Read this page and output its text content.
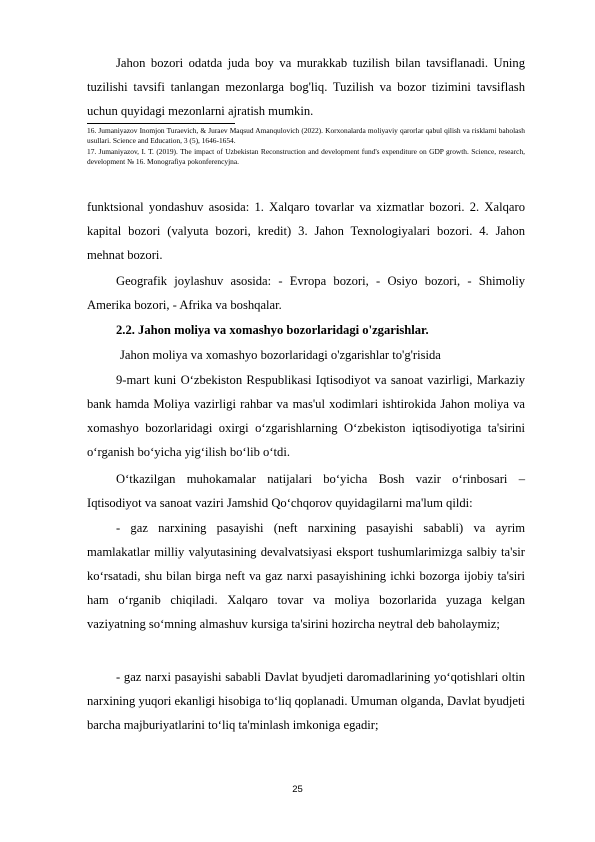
Jahon bozori odatda juda boy va murakkab tuzilish bilan tavsiflanadi. Uning tuzilishi tavsifi tanlangan mezonlarga bog'liq. Tuzilish va bozor tizimini tavsiflash uchun quyidagi mezonlarni ajratish mumkin.
16. Jumaniyazov Inomjon Turaevich, & Juraev Maqsud Amanqulovich (2022). Korxonalarda moliyaviy qarorlar qabul qilish va risklarni baholash usullari. Science and Education, 3 (5), 1646-1654.
17. Jumaniyazov, I. T. (2019). The impact of Uzbekistan Reconstruction and development fund's expenditure on GDP growth. Science, research, development № 16. Monografiya pokonferencyjna.
funktsional yondashuv asosida: 1. Xalqaro tovarlar va xizmatlar bozori. 2. Xalqaro kapital bozori (valyuta bozori, kredit) 3. Jahon Texnologiyalari bozori. 4. Jahon mehnat bozori.
Geografik joylashuv asosida: - Evropa bozori, - Osiyo bozori, - Shimoliy Amerika bozori, - Afrika va boshqalar.
2.2. Jahon moliya va xomashyo bozorlaridagi o'zgarishlar.
Jahon moliya va xomashyo bozorlaridagi o'zgarishlar to'g'risida
9-mart kuni O‘zbekiston Respublikasi Iqtisodiyot va sanoat vazirligi, Markaziy bank hamda Moliya vazirligi rahbar va mas'ul xodimlari ishtirokida Jahon moliya va xomashyo bozorlaridagi oxirgi o‘zgarishlarning O‘zbekiston iqtisodiyotiga ta'sirini o‘rganish bo‘yicha yig‘ilish bo‘lib o‘tdi.
O‘tkazilgan muhokamalar natijalari bo‘yicha Bosh vazir o‘rinbosari – Iqtisodiyot va sanoat vaziri Jamshid Qo‘chqorov quyidagilarni ma'lum qildi:
- gaz narxining pasayishi (neft narxining pasayishi sababli) va ayrim mamlakatlar milliy valyutasining devalvatsiyasi eksport tushumlarimizga salbiy ta'sir ko‘rsatadi, shu bilan birga neft va gaz narxi pasayishining ichki bozorga ijobiy ta'siri ham o‘rganib chiqiladi. Xalqaro tovar va moliya bozorlarida yuzaga kelgan vaziyatning so‘mning almashuv kursiga ta'sirini hozircha neytral deb baholaymiz;
- gaz narxi pasayishi sababli Davlat byudjeti daromadlarining yo‘qotishlari oltin narxining yuqori ekanligi hisobiga to‘liq qoplanadi. Umuman olganda, Davlat byudjeti barcha majburiyatlarini to‘liq ta'minlash imkoniga egadir;
25
